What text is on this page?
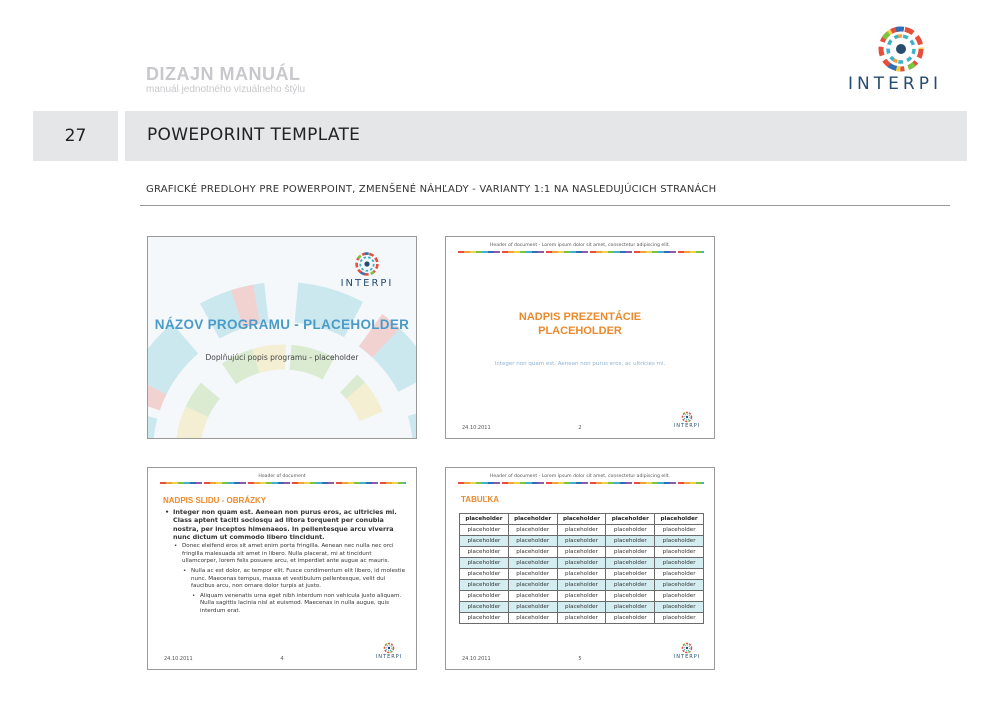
DIZAJN MANUÁL
manuál jednotného vizuálneho štýlu	INTERPI
27	POWEPORINT TEMPLATE
GRAFICKÉ PREDLOHY PRE POWERPOINT, ZMENŠENÉ NÁHĽADY - VARIANTY 1:1 NA NASLEDUJÚCICH STRANÁCH
INTERPI
NÁZOV PROGRAMU - PLACEHOLDER
Doplňujúci popis programu - placeholder
Header of document - Lorem ipsum dolor sit amet, consectetur adipiscing elit.
NADPIS PREZENTÁCIE
PLACEHOLDER
Integer non quam est. Aenean non purus eros, ac ultricies mi.
24.10.2011	2	INTERPI
Header of document
NADPIS SLIDU - OBRÁZKY
• Integer non quam est. Aenean non purus eros, ac ultricies mi. Class aptent taciti sociosqu ad litora torquent per conubia nostra, per inceptos himenaeos. In pellentesque arcu viverra nunc dictum ut commodo libero tincidunt.
• Donec eleifend eros sit amet enim porta fringilla. Aenean nec nulla nec orci fringilla malesuada sit amet in libero. Nulla placerat, mi at tincidunt ullamcorper, lorem felis posuere arcu, et imperdiet ante augue ac mauris.
• Nulla ac est dolor, ac tempor elit. Fusce condimentum elit libero, id molestie nunc. Maecenas tempus, massa et vestibulum pellentesque, velit dui faucibus arcu, non ornare dolor turpis at justo.
• Aliquam venenatis urna eget nibh interdum non vehicula justo aliquam. Nulla sagittis lacinia nisl at euismod. Maecenas in nulla augue, quis interdum erat.
24.10.2011	4	INTERPI
Header of document - Lorem ipsum dolor sit amet, consectetur adipiscing elit.
TABUĽKA
placeholder	placeholder	placeholder	placeholder	placeholder
placeholder	placeholder	placeholder	placeholder	placeholder
placeholder	placeholder	placeholder	placeholder	placeholder
placeholder	placeholder	placeholder	placeholder	placeholder
placeholder	placeholder	placeholder	placeholder	placeholder
placeholder	placeholder	placeholder	placeholder	placeholder
placeholder	placeholder	placeholder	placeholder	placeholder
placeholder	placeholder	placeholder	placeholder	placeholder
placeholder	placeholder	placeholder	placeholder	placeholder
placeholder	placeholder	placeholder	placeholder	placeholder
24.10.2011	5	INTERPI
